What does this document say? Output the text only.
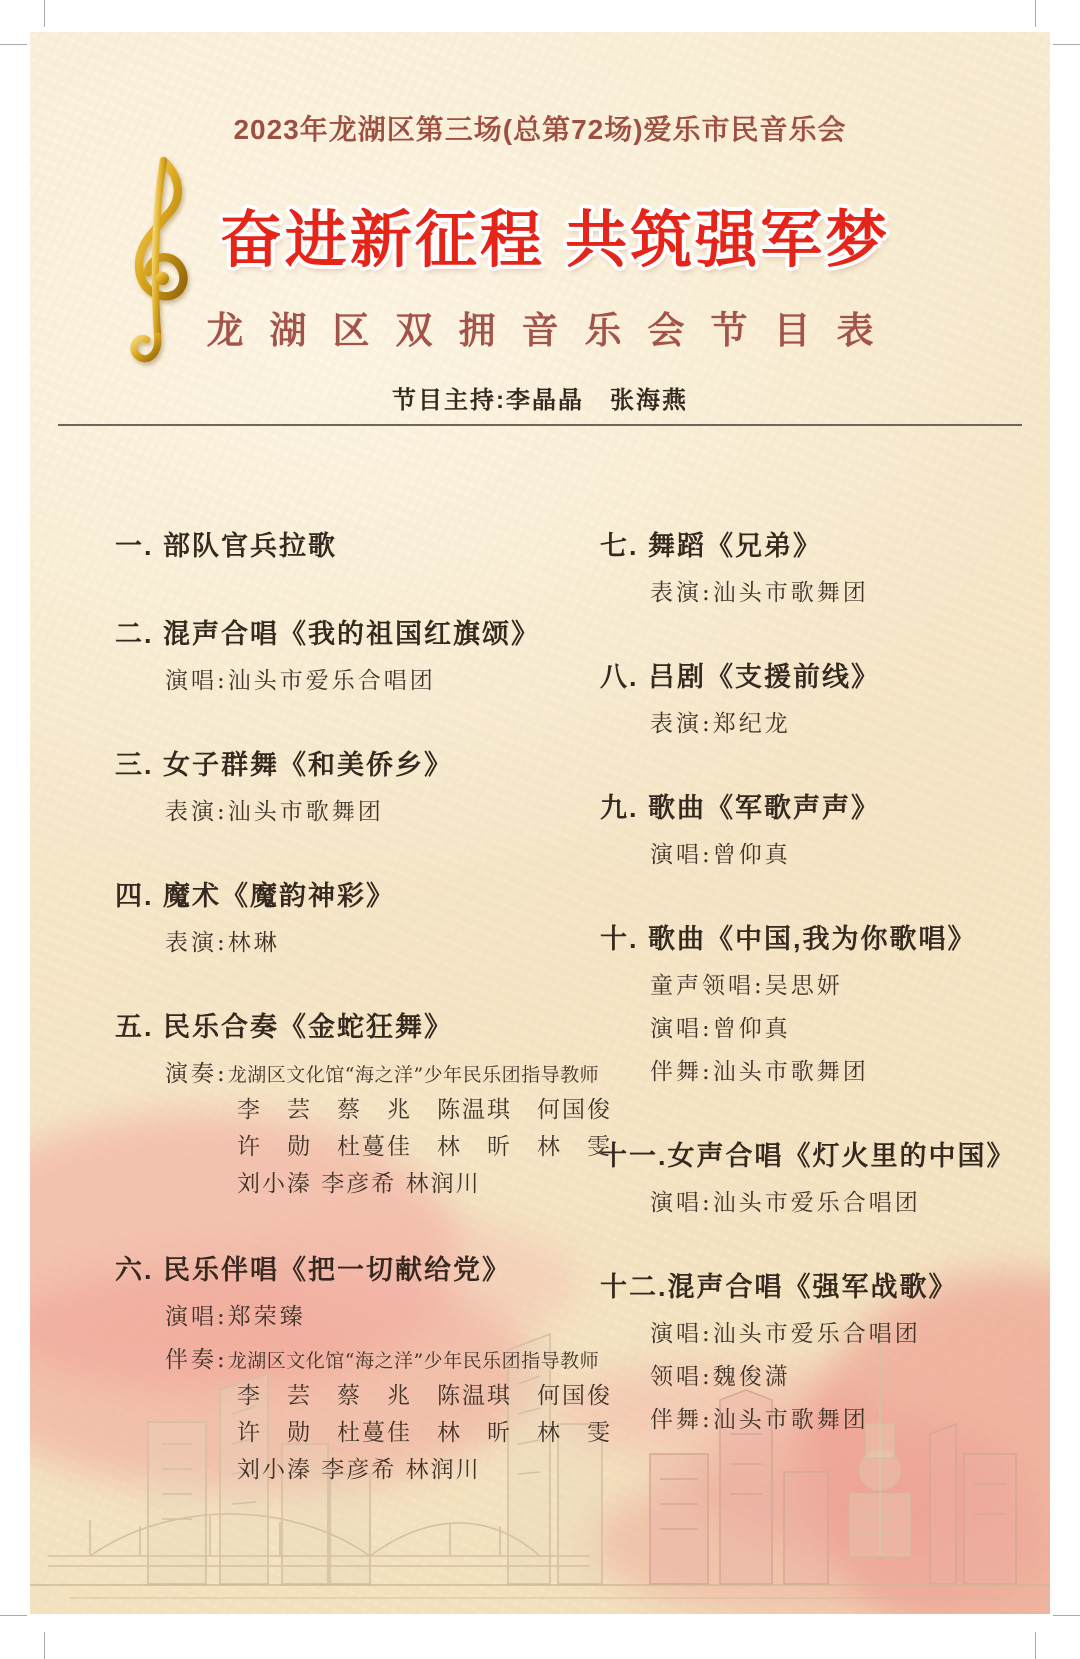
2023年龙湖区第三场(总第72场)爱乐市民音乐会
奋进新征程 共筑强军梦
龙湖区双拥音乐会节目表
节目主持:李晶晶　张海燕
一. 部队官兵拉歌
二. 混声合唱《我的祖国红旗颂》
演唱:汕头市爱乐合唱团
三. 女子群舞《和美侨乡》
表演:汕头市歌舞团
四. 魔术《魔韵神彩》
表演:林琳
五. 民乐合奏《金蛇狂舞》
演奏:龙湖区文化馆“海之洋”少年民乐团指导教师
李　芸　蔡　兆　陈温琪　何国俊
许　勋　杜蔓佳　林　昕　林　雯
刘小溱 李彦希 林润川
六. 民乐伴唱《把一切献给党》
演唱:郑荣臻
伴奏:龙湖区文化馆“海之洋”少年民乐团指导教师
李　芸　蔡　兆　陈温琪　何国俊
许　勋　杜蔓佳　林　昕　林　雯
刘小溱 李彦希 林润川
七. 舞蹈《兄弟》
表演:汕头市歌舞团
八. 吕剧《支援前线》
表演:郑纪龙
九. 歌曲《军歌声声》
演唱:曾仰真
十. 歌曲《中国,我为你歌唱》
童声领唱:吴思妍
演唱:曾仰真
伴舞:汕头市歌舞团
十一. 女声合唱《灯火里的中国》
演唱:汕头市爱乐合唱团
十二. 混声合唱《强军战歌》
演唱:汕头市爱乐合唱团
领唱:魏俊潇
伴舞:汕头市歌舞团
